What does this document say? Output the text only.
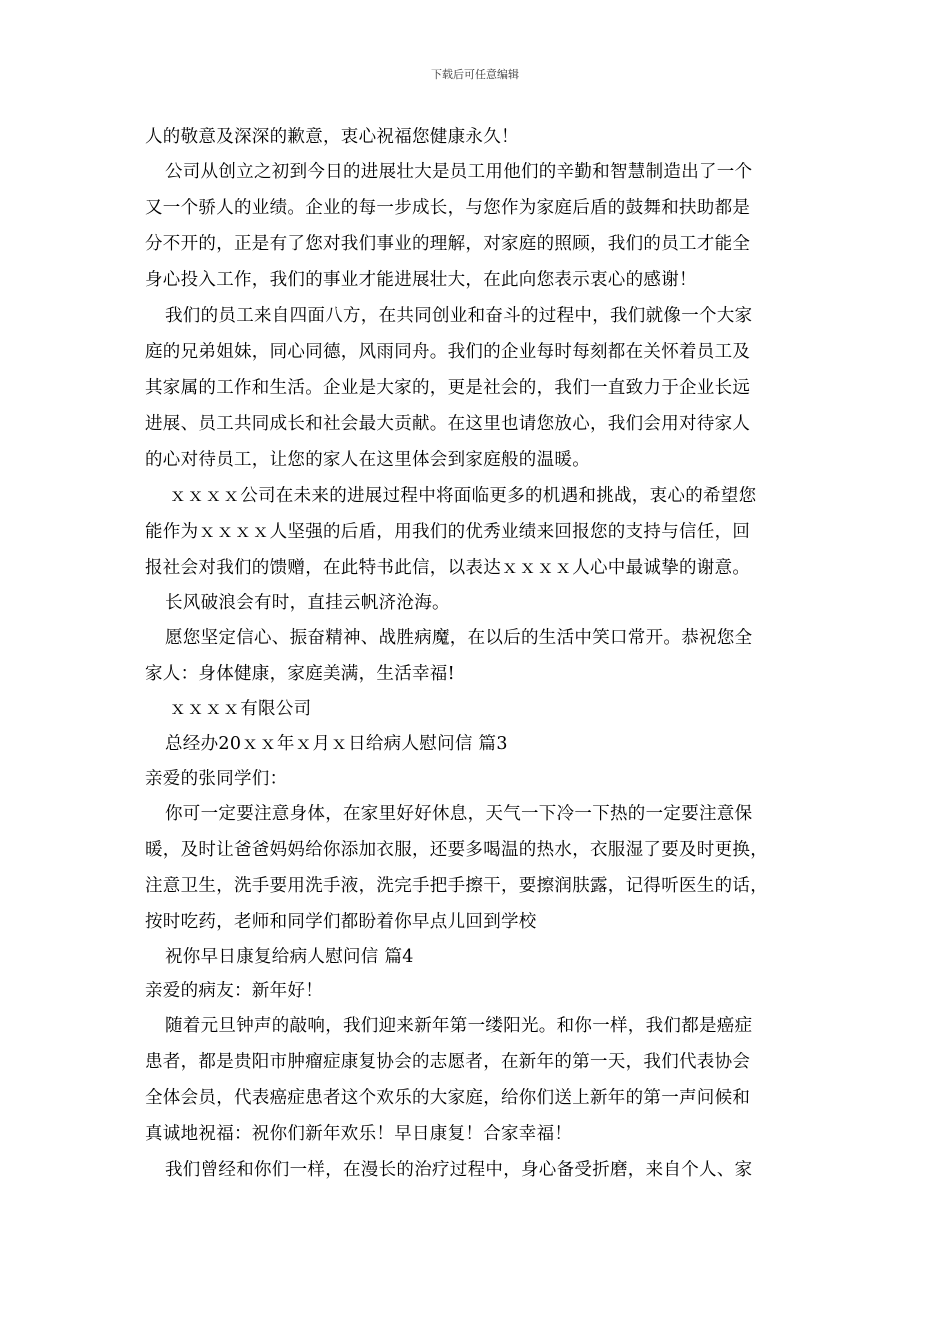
下载后可任意编辑
人的敬意及深深的歉意，衷心祝福您健康永久！
公司从创立之初到今日的进展壮大是员工用他们的辛勤和智慧制造出了一个
又一个骄人的业绩。企业的每一步成长，与您作为家庭后盾的鼓舞和扶助都是
分不开的，正是有了您对我们事业的理解，对家庭的照顾，我们的员工才能全
身心投入工作，我们的事业才能进展壮大，在此向您表示衷心的感谢！
我们的员工来自四面八方，在共同创业和奋斗的过程中，我们就像一个大家
庭的兄弟姐妹，同心同德，风雨同舟。我们的企业每时每刻都在关怀着员工及
其家属的工作和生活。企业是大家的，更是社会的，我们一直致力于企业长远
进展、员工共同成长和社会最大贡献。在这里也请您放心，我们会用对待家人
的心对待员工，让您的家人在这里体会到家庭般的温暖。
ｘｘｘｘ公司在未来的进展过程中将面临更多的机遇和挑战，衷心的希望您
能作为ｘｘｘｘ人坚强的后盾，用我们的优秀业绩来回报您的支持与信任，回
报社会对我们的馈赠，在此特书此信，以表达ｘｘｘｘ人心中最诚挚的谢意。
长风破浪会有时，直挂云帆济沧海。
愿您坚定信心、振奋精神、战胜病魔，在以后的生活中笑口常开。恭祝您全
家人：身体健康，家庭美满，生活幸福!
ｘｘｘｘ有限公司
总经办20ｘｘ年ｘ月ｘ日给病人慰问信 篇3
亲爱的张同学们：
你可一定要注意身体，在家里好好休息，天气一下冷一下热的一定要注意保
暖，及时让爸爸妈妈给你添加衣服，还要多喝温的热水，衣服湿了要及时更换，
注意卫生，洗手要用洗手液，洗完手把手擦干，要擦润肤露，记得听医生的话，
按时吃药，老师和同学们都盼着你早点儿回到学校
祝你早日康复给病人慰问信 篇4
亲爱的病友：新年好！
随着元旦钟声的敲响，我们迎来新年第一缕阳光。和你一样，我们都是癌症
患者，都是贵阳市肿瘤症康复协会的志愿者，在新年的第一天，我们代表协会
全体会员，代表癌症患者这个欢乐的大家庭，给你们送上新年的第一声问候和
真诚地祝福：祝你们新年欢乐！早日康复！合家幸福！
我们曾经和你们一样，在漫长的治疗过程中，身心备受折磨，来自个人、家
